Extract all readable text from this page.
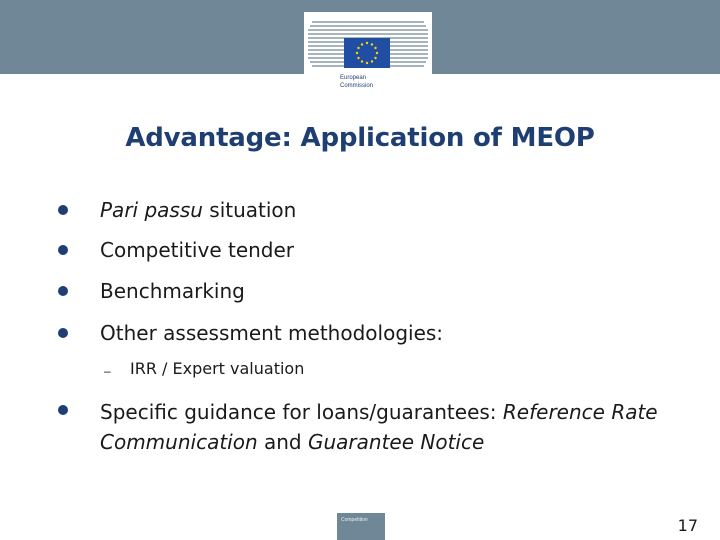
European
Commission
Advantage: Application of MEOP
Pari passu situation
Competitive tender
Benchmarking
Other assessment methodologies:
–	IRR / Expert valuation
Specific guidance for loans/guarantees: Reference Rate
Communication and Guarantee Notice
Competition	17
